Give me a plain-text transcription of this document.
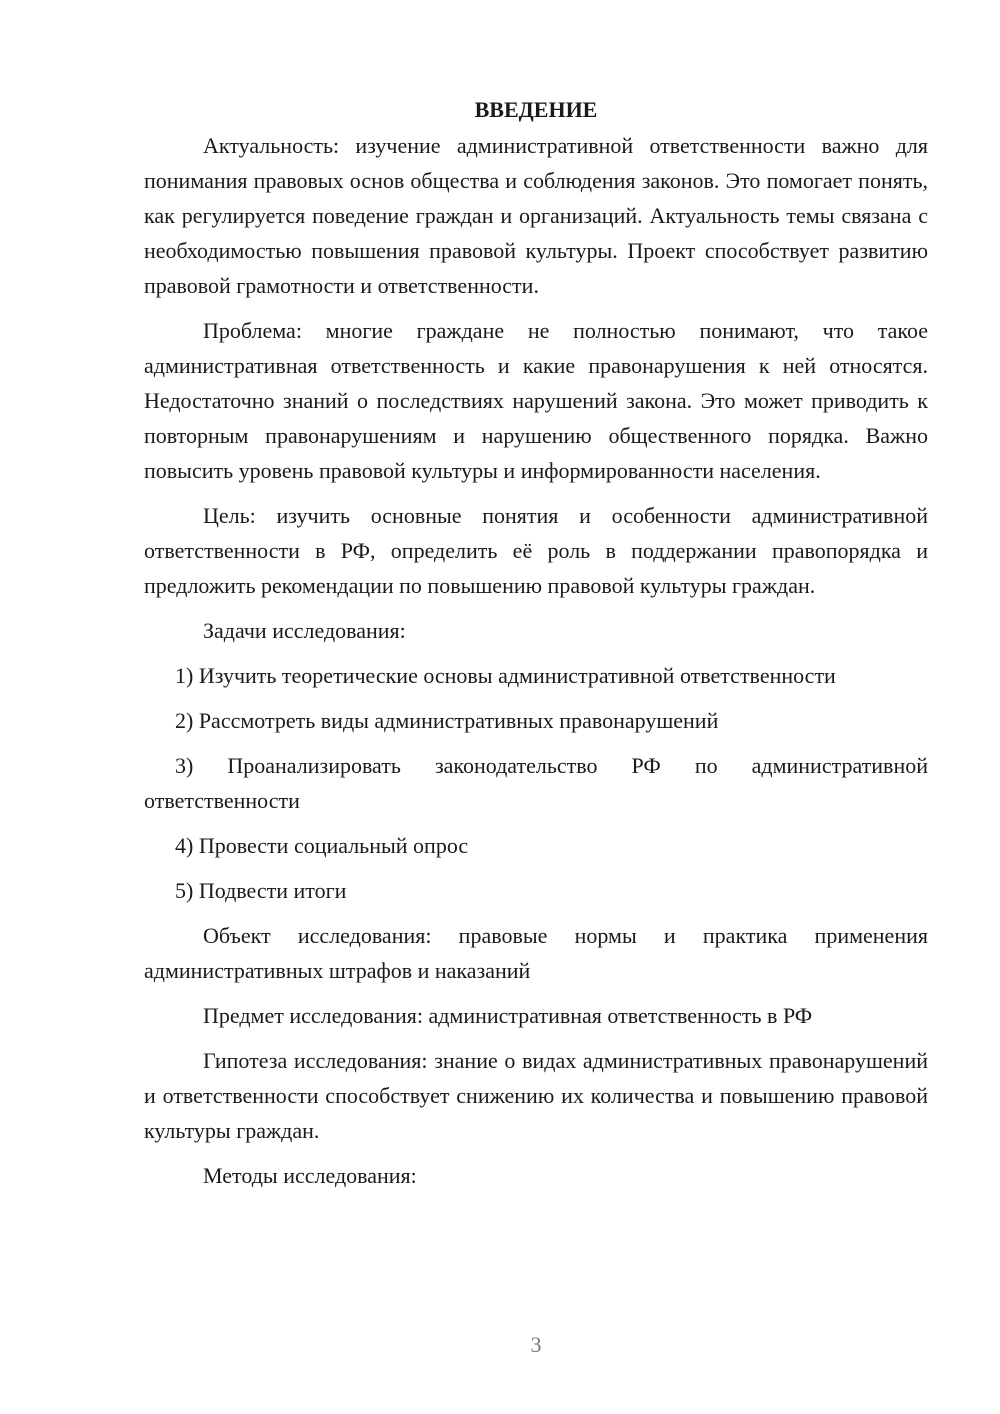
ВВЕДЕНИЕ

Актуальность: изучение административной ответственности важно для понимания правовых основ общества и соблюдения законов. Это помогает понять, как регулируется поведение граждан и организаций. Актуальность темы связана с необходимостью повышения правовой культуры. Проект способствует развитию правовой грамотности и ответственности.

Проблема: многие граждане не полностью понимают, что такое административная ответственность и какие правонарушения к ней относятся. Недостаточно знаний о последствиях нарушений закона. Это может приводить к повторным правонарушениям и нарушению общественного порядка. Важно повысить уровень правовой культуры и информированности населения.

Цель: изучить основные понятия и особенности административной ответственности в РФ, определить её роль в поддержании правопорядка и предложить рекомендации по повышению правовой культуры граждан.

Задачи исследования:

1) Изучить теоретические основы административной ответственности

2) Рассмотреть виды административных правонарушений

3) Проанализировать законодательство РФ по административной ответственности

4) Провести социальный опрос

5) Подвести итоги

Объект исследования: правовые нормы и практика применения административных штрафов и наказаний

Предмет исследования: административная ответственность в РФ

Гипотеза исследования: знание о видах административных правонарушений и ответственности способствует снижению их количества и повышению правовой культуры граждан.

Методы исследования:

3
